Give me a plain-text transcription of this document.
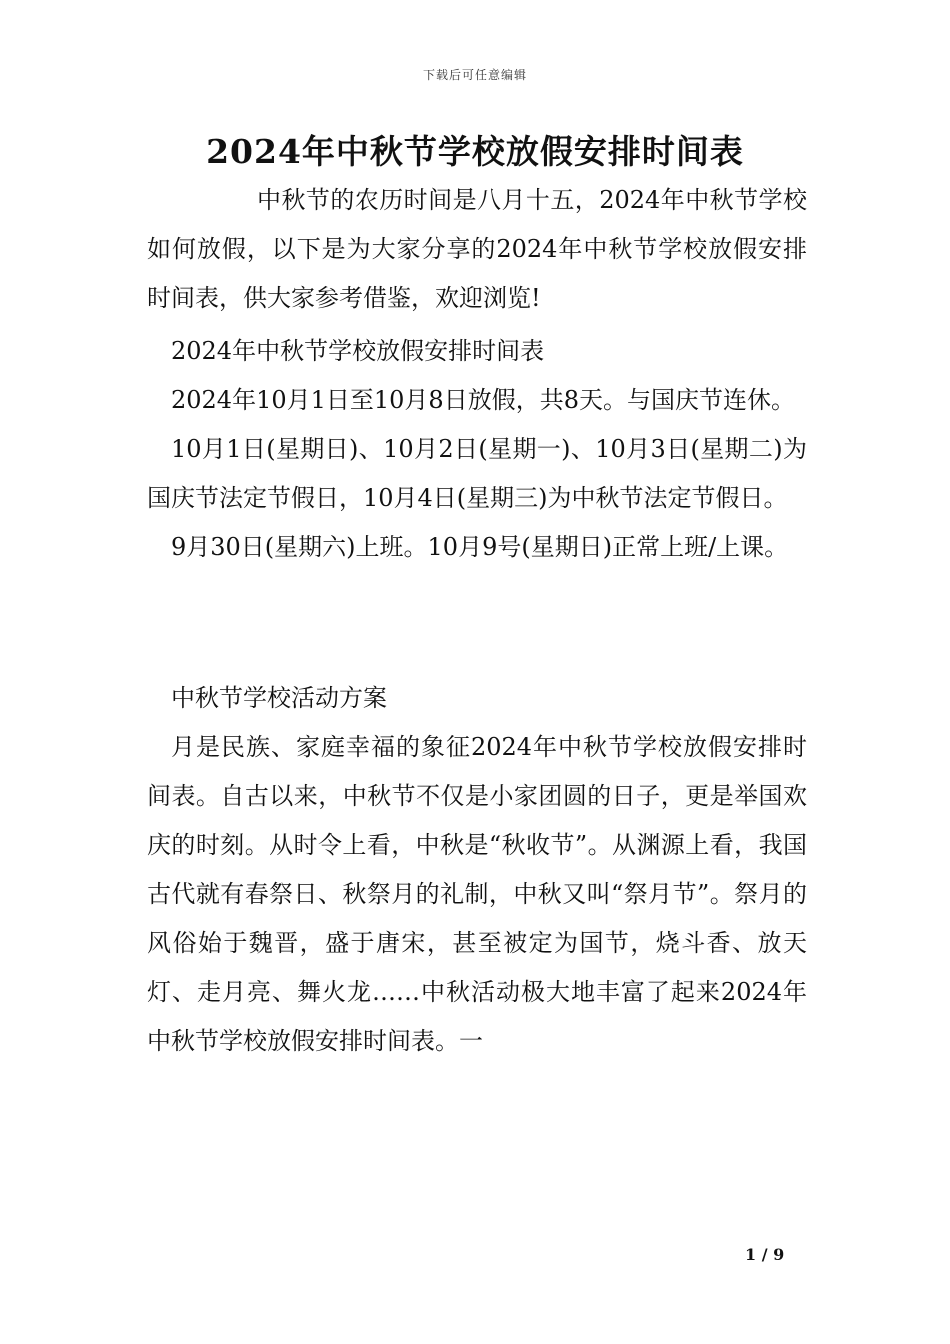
下载后可任意编辑
2024年中秋节学校放假安排时间表

中秋节的农历时间是八月十五，2024年中秋节学校如何放假，以下是为大家分享的2024年中秋节学校放假安排时间表，供大家参考借鉴，欢迎浏览!

2024年中秋节学校放假安排时间表

2024年10月1日至10月8日放假，共8天。与国庆节连休。

10月1日(星期日)、10月2日(星期一)、10月3日(星期二)为国庆节法定节假日，10月4日(星期三)为中秋节法定节假日。

9月30日(星期六)上班。10月9号(星期日)正常上班/上课。

中秋节学校活动方案

月是民族、家庭幸福的象征2024年中秋节学校放假安排时间表。自古以来，中秋节不仅是小家团圆的日子，更是举国欢庆的时刻。从时令上看，中秋是“秋收节”。从渊源上看，我国古代就有春祭日、秋祭月的礼制，中秋又叫“祭月节”。祭月的风俗始于魏晋，盛于唐宋，甚至被定为国节，烧斗香、放天灯、走月亮、舞火龙……中秋活动极大地丰富了起来2024年中秋节学校放假安排时间表。一

1 / 9
